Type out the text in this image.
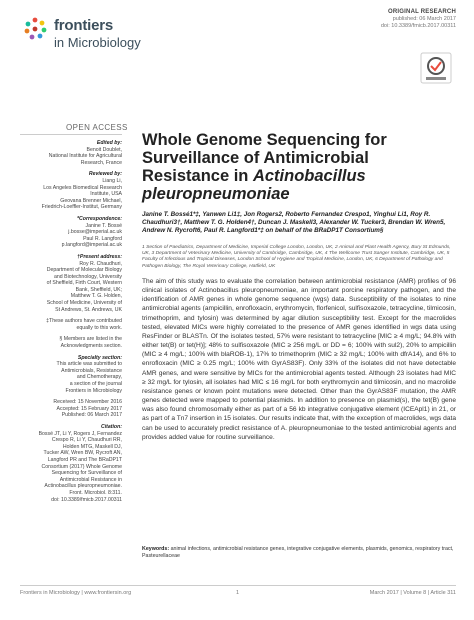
frontiers
in Microbiology
ORIGINAL RESEARCH
published: 06 March 2017
doi: 10.3389/fmicb.2017.00311
OPEN ACCESS
Edited by:
Benoit Doublet,
National Institute for Agricultural
Research, France
Reviewed by:
Liang Li,
Los Angeles Biomedical Research
Institute, USA
Geovana Brenner Michael,
Friedrich-Loeffler-Institut, Germany
*Correspondence:
Janine T. Bossé
j.bosse@imperial.ac.uk
Paul R. Langford
p.langford@imperial.ac.uk
†Present address:
Roy R. Chaudhuri,
Department of Molecular Biology
and Biotechnology, University
of Sheffield, Firth Court, Western
Bank, Sheffield, UK;
Matthew T. G. Holden,
School of Medicine, University of
St Andrews, St. Andrews, UK
‡These authors have contributed
equally to this work.
§ Members are listed in the
Acknowledgments section.
Specialty section:
This article was submitted to
Antimicrobials, Resistance
and Chemotherapy,
a section of the journal
Frontiers in Microbiology
Received: 15 November 2016
Accepted: 15 February 2017
Published: 06 March 2017
Citation:
Bossé JT, Li Y, Rogers J, Fernandez
Crespo R, Li Y, Chaudhuri RR,
Holden MTG, Maskell DJ,
Tucker AW, Wren BW, Rycroft AN,
Langford PR and The BRaDP1T
Consortium (2017) Whole Genome
Sequencing for Surveillance of
Antimicrobial Resistance in
Actinobacillus pleuropneumoniae.
Front. Microbiol. 8:311.
doi: 10.3389/fmicb.2017.00311
Whole Genome Sequencing for Surveillance of Antimicrobial Resistance in Actinobacillus pleuropneumoniae
Janine T. Bossé1*‡, Yanwen Li1‡, Jon Rogers2, Roberto Fernandez Crespo1, Yinghui Li1, Roy R. Chaudhuri3†, Matthew T. G. Holden4†, Duncan J. Maskell3, Alexander W. Tucker3, Brendan W. Wren5, Andrew N. Rycroft6, Paul R. Langford1*‡ on behalf of the BRaDP1T Consortium§
1 Section of Paediatrics, Department of Medicine, Imperial College London, London, UK, 2 Animal and Plant Health Agency, Bury St Edmunds, UK, 3 Department of Veterinary Medicine, University of Cambridge, Cambridge, UK, 4 The Wellcome Trust Sanger Institute, Cambridge, UK, 5 Faculty of Infectious and Tropical Diseases, London School of Hygiene and Tropical Medicine, London, UK, 6 Department of Pathology and Pathogen Biology, The Royal Veterinary College, Hatfield, UK
The aim of this study was to evaluate the correlation between antimicrobial resistance (AMR) profiles of 96 clinical isolates of Actinobacillus pleuropneumoniae, an important porcine respiratory pathogen, and the identification of AMR genes in whole genome sequence (wgs) data. Susceptibility of the isolates to nine antimicrobial agents (ampicillin, enrofloxacin, erythromycin, florfenicol, sulfisoxazole, tetracycline, tilmicosin, trimethoprim, and tylosin) was determined by agar dilution susceptibility test. Except for the macrolides tested, elevated MICs were highly correlated to the presence of AMR genes identified in wgs data using ResFinder or BLASTn. Of the isolates tested, 57% were resistant to tetracycline [MIC ≥ 4 mg/L; 94.8% with either tet(B) or tet(H)]; 48% to sulfisoxazole (MIC ≥ 256 mg/L or DD = 6; 100% with sul2), 20% to ampicillin (MIC ≥ 4 mg/L; 100% with blaROB-1), 17% to trimethoprim (MIC ≥ 32 mg/L; 100% with dfrA14), and 6% to enrofloxacin (MIC ≥ 0.25 mg/L; 100% with GyrAS83F). Only 33% of the isolates did not have detectable AMR genes, and were sensitive by MICs for the antimicrobial agents tested. Although 23 isolates had MIC ≥ 32 mg/L for tylosin, all isolates had MIC ≤ 16 mg/L for both erythromycin and tilmicosin, and no macrolide resistance genes or known point mutations were detected. Other than the GyrAS83F mutation, the AMR genes detected were mapped to potential plasmids. In addition to presence on plasmid(s), the tet(B) gene was also found chromosomally either as part of a 56 kb integrative conjugative element (ICEApl1) in 21, or as part of a Tn7 insertion in 15 isolates. Our results indicate that, with the exception of macrolides, wgs data can be used to accurately predict resistance of A. pleuropneumoniae to the tested antimicrobial agents and provides added value for routine surveillance.
Keywords: animal infections, antimicrobial resistance genes, integrative conjugative elements, plasmids, genomics, respiratory tract, Pasteurellaceae
Frontiers in Microbiology | www.frontiersin.org	1	March 2017 | Volume 8 | Article 311
